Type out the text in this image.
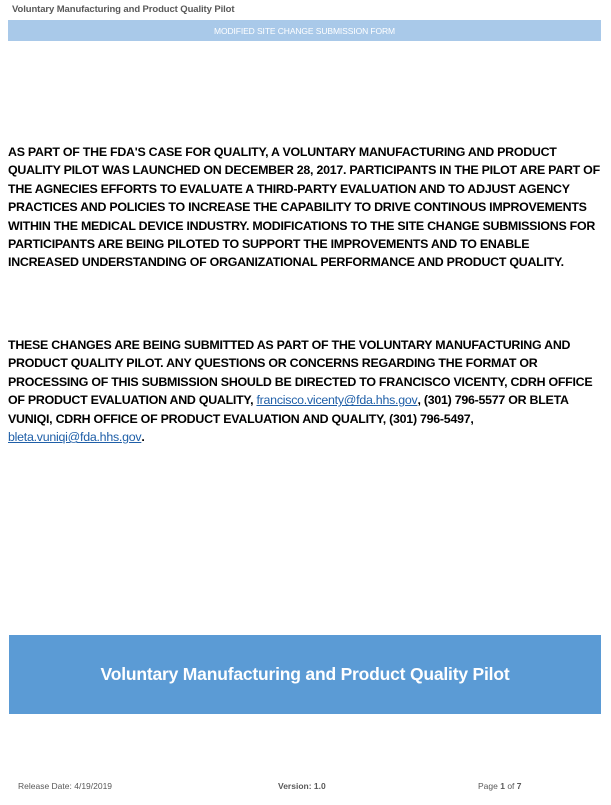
Voluntary Manufacturing and Product Quality Pilot
MODIFIED SITE CHANGE SUBMISSION FORM

AS PART OF THE FDA'S CASE FOR QUALITY, A VOLUNTARY MANUFACTURING AND PRODUCT QUALITY PILOT WAS LAUNCHED ON DECEMBER 28, 2017. PARTICIPANTS IN THE PILOT ARE PART OF THE AGNECIES EFFORTS TO EVALUATE A THIRD-PARTY EVALUATION AND TO ADJUST AGENCY PRACTICES AND POLICIES TO INCREASE THE CAPABILITY TO DRIVE CONTINOUS IMPROVEMENTS WITHIN THE MEDICAL DEVICE INDUSTRY. MODIFICATIONS TO THE SITE CHANGE SUBMISSIONS FOR PARTICIPANTS ARE BEING PILOTED TO SUPPORT THE IMPROVEMENTS AND TO ENABLE INCREASED UNDERSTANDING OF ORGANIZATIONAL PERFORMANCE AND PRODUCT QUALITY.

THESE CHANGES ARE BEING SUBMITTED AS PART OF THE VOLUNTARY MANUFACTURING AND PRODUCT QUALITY PILOT. ANY QUESTIONS OR CONCERNS REGARDING THE FORMAT OR PROCESSING OF THIS SUBMISSION SHOULD BE DIRECTED TO FRANCISCO VICENTY, CDRH OFFICE OF PRODUCT EVALUATION AND QUALITY, francisco.vicenty@fda.hhs.gov, (301) 796-5577 OR BLETA VUNIQI, CDRH OFFICE OF PRODUCT EVALUATION AND QUALITY, (301) 796-5497, bleta.vuniqi@fda.hhs.gov.

Voluntary Manufacturing and Product Quality Pilot
Release Date: 4/19/2019	Version: 1.0	Page 1 of 7
